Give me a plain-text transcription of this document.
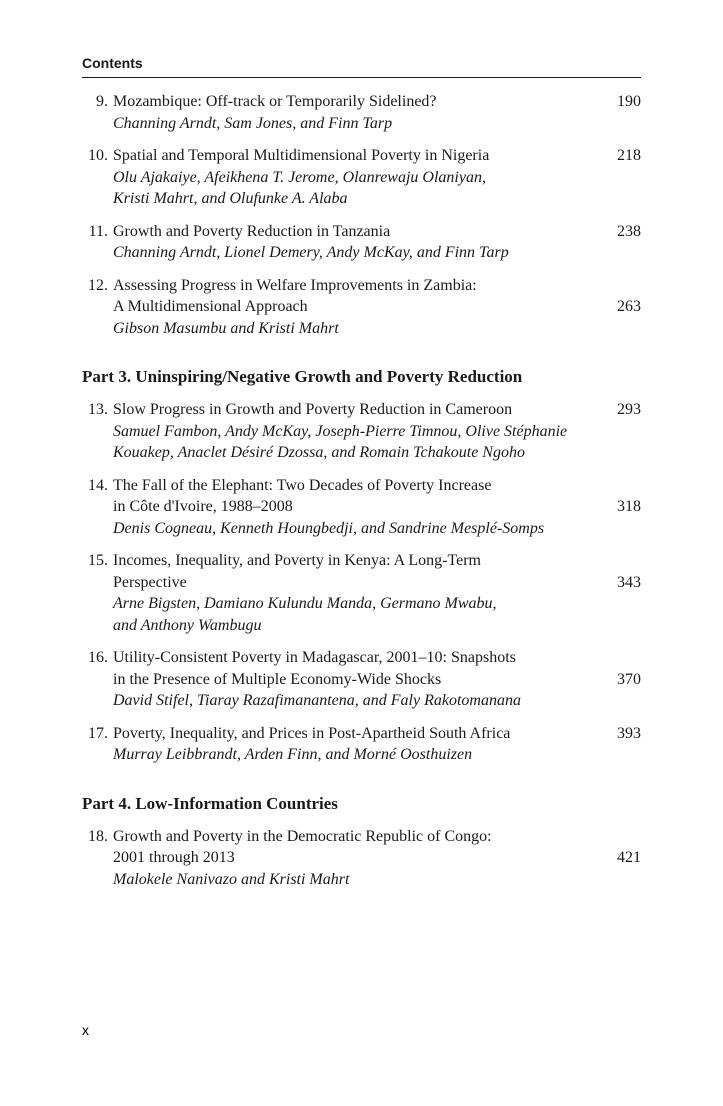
Contents
9. Mozambique: Off-track or Temporarily Sidelined?
Channing Arndt, Sam Jones, and Finn Tarp
190
10. Spatial and Temporal Multidimensional Poverty in Nigeria
Olu Ajakaiye, Afeikhena T. Jerome, Olanrewaju Olaniyan,
Kristi Mahrt, and Olufunke A. Alaba
218
11. Growth and Poverty Reduction in Tanzania
Channing Arndt, Lionel Demery, Andy McKay, and Finn Tarp
238
12. Assessing Progress in Welfare Improvements in Zambia:
A Multidimensional Approach
Gibson Masumbu and Kristi Mahrt
263
Part 3. Uninspiring/Negative Growth and Poverty Reduction
13. Slow Progress in Growth and Poverty Reduction in Cameroon
Samuel Fambon, Andy McKay, Joseph-Pierre Timnou, Olive Stéphanie
Kouakep, Anaclet Désiré Dzossa, and Romain Tchakoute Ngoho
293
14. The Fall of the Elephant: Two Decades of Poverty Increase
in Côte d'Ivoire, 1988–2008
Denis Cogneau, Kenneth Houngbedji, and Sandrine Mesplé-Somps
318
15. Incomes, Inequality, and Poverty in Kenya: A Long-Term
Perspective
Arne Bigsten, Damiano Kulundu Manda, Germano Mwabu,
and Anthony Wambugu
343
16. Utility-Consistent Poverty in Madagascar, 2001–10: Snapshots
in the Presence of Multiple Economy-Wide Shocks
David Stifel, Tiaray Razafimanantena, and Faly Rakotomanana
370
17. Poverty, Inequality, and Prices in Post-Apartheid South Africa
Murray Leibbrandt, Arden Finn, and Morné Oosthuizen
393
Part 4. Low-Information Countries
18. Growth and Poverty in the Democratic Republic of Congo:
2001 through 2013
Malokele Nanivazo and Kristi Mahrt
421
x
